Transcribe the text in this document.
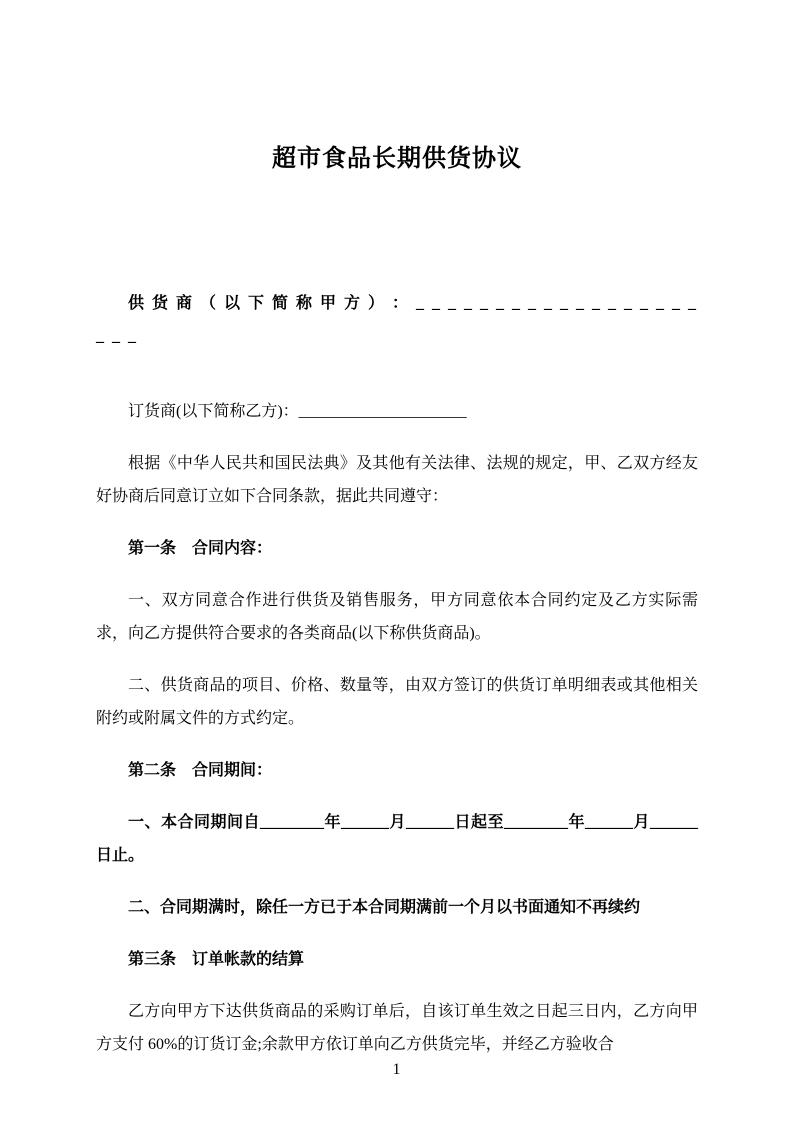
超市食品长期供货协议

供 货 商 （ 以 下 简 称 甲 方 ） ： _ _ _ _ _ _ _ _ _ _ _ _ _ _ _ _ _ _ _ _ _

订货商(以下简称乙方)：_____________________

根据《中华人民共和国民法典》及其他有关法律、法规的规定，甲、乙双方经友好协商后同意订立如下合同条款，据此共同遵守：

第一条　合同内容：

一、双方同意合作进行供货及销售服务，甲方同意依本合同约定及乙方实际需求，向乙方提供符合要求的各类商品(以下称供货商品)。

二、供货商品的项目、价格、数量等，由双方签订的供货订单明细表或其他相关附约或附属文件的方式约定。

第二条　合同期间：

一、本合同期间自________年______月______日起至________年______月______日止。

二、合同期满时，除任一方已于本合同期满前一个月以书面通知不再续约

第三条　订单帐款的结算

乙方向甲方下达供货商品的采购订单后，自该订单生效之日起三日内，乙方向甲方支付 60%的订货订金;余款甲方依订单向乙方供货完毕，并经乙方验收合

1
